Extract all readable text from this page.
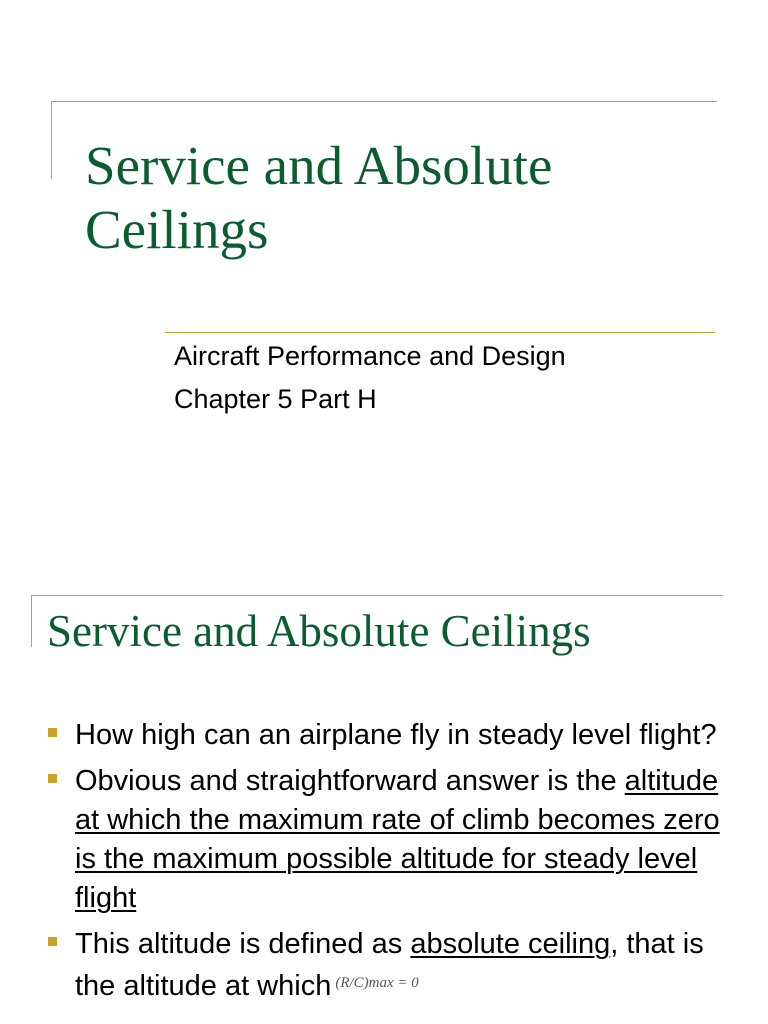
Service and Absolute Ceilings
Aircraft Performance and Design
Chapter 5 Part H
Service and Absolute Ceilings
How high can an airplane fly in steady level flight?
Obvious and straightforward answer is the altitude at which the maximum rate of climb becomes zero is the maximum possible altitude for steady level flight
This altitude is defined as absolute ceiling, that is the altitude at which $^{(R/C)max = 0}$
